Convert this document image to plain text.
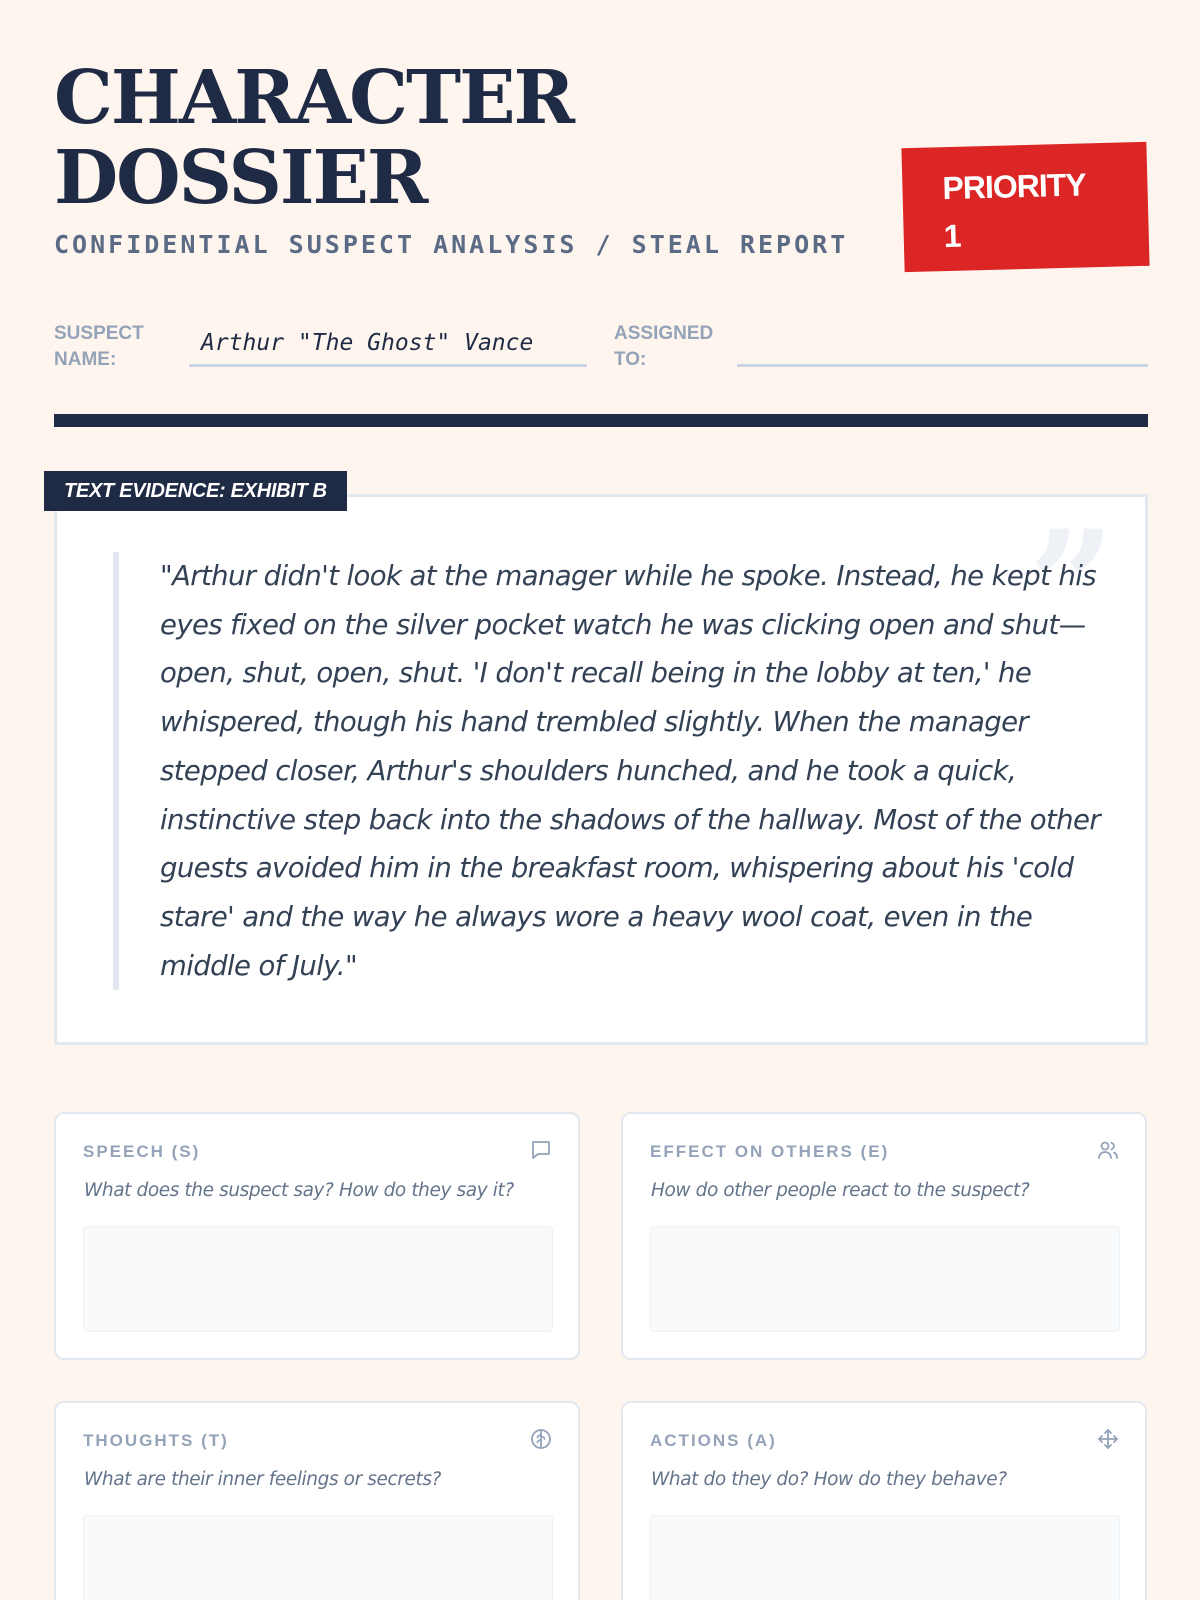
CHARACTER
DOSSIER
CONFIDENTIAL SUSPECT ANALYSIS / STEAL REPORT
PRIORITY
1
SUSPECT
NAME:
Arthur "The Ghost" Vance	ASSIGNED
TO:
”

"Arthur didn't look at the manager while he spoke. Instead, he kept his eyes fixed on the silver pocket watch he was clicking open and shut—open, shut, open, shut. 'I don't recall being in the lobby at ten,' he whispered, though his hand trembled slightly. When the manager stepped closer, Arthur's shoulders hunched, and he took a quick, instinctive step back into the shadows of the hallway. Most of the other guests avoided him in the breakfast room, whispering about his 'cold stare' and the way he always wore a heavy wool coat, even in the middle of July."

TEXT EVIDENCE: EXHIBIT B
SPEECH (S)
What does the suspect say? How do they say it?
EFFECT ON OTHERS (E)
How do other people react to the suspect?
THOUGHTS (T)
What are their inner feelings or secrets?
ACTIONS (A)
What do they do? How do they behave?
